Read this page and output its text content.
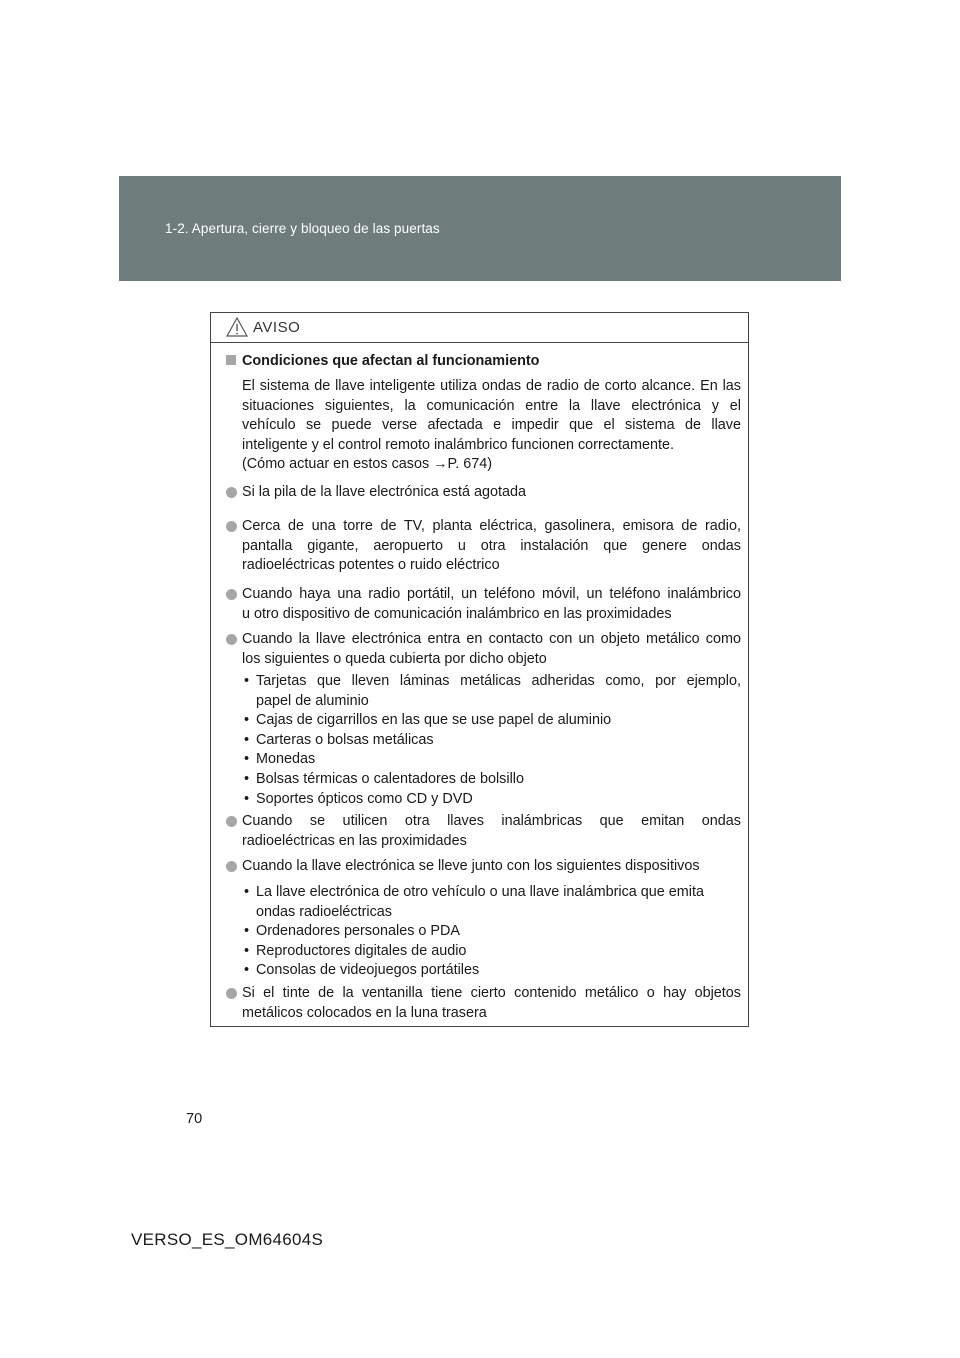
1-2. Apertura, cierre y bloqueo de las puertas
AVISO
Condiciones que afectan al funcionamiento
El sistema de llave inteligente utiliza ondas de radio de corto alcance. En las
situaciones siguientes, la comunicación entre la llave electrónica y el
vehículo se puede verse afectada e impedir que el sistema de llave
inteligente y el control remoto inalámbrico funcionen correctamente.
(Cómo actuar en estos casos →P. 674)
Si la pila de la llave electrónica está agotada
Cerca de una torre de TV, planta eléctrica, gasolinera, emisora de radio,
pantalla gigante, aeropuerto u otra instalación que genere ondas
radioeléctricas potentes o ruido eléctrico
Cuando haya una radio portátil, un teléfono móvil, un teléfono inalámbrico
u otro dispositivo de comunicación inalámbrico en las proximidades
Cuando la llave electrónica entra en contacto con un objeto metálico como
los siguientes o queda cubierta por dicho objeto
• Tarjetas que lleven láminas metálicas adheridas como, por ejemplo,
papel de aluminio
• Cajas de cigarrillos en las que se use papel de aluminio
• Carteras o bolsas metálicas
• Monedas
• Bolsas térmicas o calentadores de bolsillo
• Soportes ópticos como CD y DVD
Cuando se utilicen otra llaves inalámbricas que emitan ondas
radioeléctricas en las proximidades
Cuando la llave electrónica se lleve junto con los siguientes dispositivos
• La llave electrónica de otro vehículo o una llave inalámbrica que emita
ondas radioeléctricas
• Ordenadores personales o PDA
• Reproductores digitales de audio
• Consolas de videojuegos portátiles
Si el tinte de la ventanilla tiene cierto contenido metálico o hay objetos
metálicos colocados en la luna trasera
70
VERSO_ES_OM64604S
